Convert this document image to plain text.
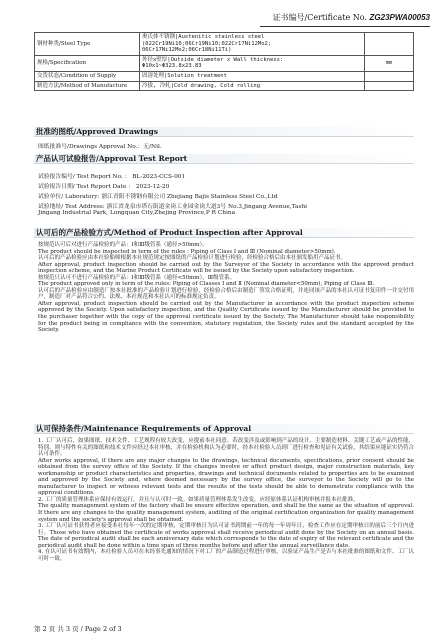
证书编号/Certificate No. ZG23PWA00053
钢材种类/Steel Type	奥氏体不锈钢|Austenitic stainless steel
(022Cr19Ni10;06Cr19Ni10;022Cr17Ni12Mo2;
06Cr17Ni12Mo2;06Cr18Ni11Ti)	
规格/Specification	外径x壁厚|Outside diameter x Wall thickness:
Φ10x1~Φ323.8x23.83	mm
交货状态/Condition of Supply	固溶处理|Solution treatment	
制造方法/Method of Manufacture	冷拔, 冷轧|Cold drawing, Cold rolling	
批准的图纸/Approved Drawings
图纸批准号/Drawings Approval No.：无/Nil.
产品认可试验报告/Approval Test Report
试验报告编号/ Test Report No. ： BL-2023-CCS-001
试验报告日期/ Test Report Date ： 2023-12-20
试验单位/ Laboratory: 浙江青阳不锈钢有限公司 Zhejiang Bajis Stainless Steel Co.,Ltd
试验地址/ Test Address: 浙江省龙泉市塔石街道金岗工业园金岗大道3号 No.3,Jingang Avenue,Tashi
Jingang Industrial Park, Longquan City,Zhejing Province,P R China
认可后的产品检验方式/Method of Product Inspection after Approval
按规范认可后对进行产品检验的产品：Ⅰ和Ⅲ级管系（通径>50mm）。
The product should be inspected in term of the rules : Piping of Class Ⅰ and Ⅲ (Nominal diameter>50mm).
认可后的产品检验应由本社验船师根据本社规范规定按图纸的产品检验计划进行检验，经检验合格后由本社颁发船用产品证书。
After approval, product inspection should be carried out by the Surveyor of the Society in accordance with the approved product inspection scheme, and the Marine Product Certificate will be issued by the Society upon satisfactory inspection.
按规范只认可不进行产品检验的产品：Ⅰ和Ⅲ级管系（通径<50mm），Ⅲ级管系。
The product approved only in term of the rules: Piping of Classes Ⅰ and Ⅱ (Nominal diameter<50mm), Piping of Class Ⅲ.
认可后的产品检验应由制造厂按本社批准的产品检验计划进行检验，经检验合格后由制造厂签发合格证明，并连同该产品的本社认可证书复印件一并交付用户，制造厂对产品符合公约、法规、本社规范和本社认可的标准规定负责。
After approval, product inspection should be carried out by the Manufacturer in accordance with the product inspection scheme approved by the Society. Upon satisfactory inspection, and the Quality Certificate issued by the Manufacturer should be provided to the purchaser together with the copy of the approval certificate issued by the Society. The Manufacturer should take responsibility for the product being in compliance with the convention, statutory regulation, the Society rules and the standard accepted by the Society.
认可保持条件/Maintenance Requirements of Approval
1. 工厂认可后，如果图纸、技术文件、工艺规程有较大改变，应提前本社同意。若改变涉及或影响到产品的设计、主要制造材料、关键工艺或产品的性能，特别、则与特性有关的图纸和技术文件应经过本社审核，并在检验机构认为必要时，经本社检验人员到厂进行检查和见证有关试验，其结果应能证实仍符合认可条件。
After works approval, if there are any major changes to the drawings, technical documents, specifications, prior consent should be obtained from the survey office of the Society. If the changes involve or affect product design, major construction materials, key workmanship or product characteristics and properties, drawings and technical documents related to properties are to be examined and approved by the Society and, where deemed necessary by the survey office, the surveyor to the Society will go to the manufacturer to inspect or witness relevant tests and the results of the tests should be able to demonstrate compliance with the approval conditions.
2. 工厂的质量管理体系应保持有效运行，并且与认可时一致。如果质量管理体系发生改变，应经原体系认证机构审核并报本社批准。
The quality management system of the factory shall be ensure effective operation, and shall be the same as the situation of approval. If there are any changes to the quality management system, auditing of the original certification organization for quality management system and the society's approval shall be obtained.
3. 工厂认可证书获得者应接受本社每年一次的定期审核，定期审核日为认可证书到期前一年的每一年周年日，检查工作应在定期审核日的前后三个月内进行。Those who have obtained the certificate of works approval shall receive periodical audit done by the Society on an annual basis. The date of periodical audit shall be each anniversary date which corresponds to the date of expiry of the relevant certificate and the periodical audit shall be done within a time span of three months before and after the annual surveillance date.
4. 在认可证书有效期内，本社检验人员可在未经事先通知的情况下对工厂的产品制造过程进行审核，以验证产品生产是否与本社批准的图纸和文件、工厂认可时一致。
第 2 页 共 3 页 / Page 2 of 3
